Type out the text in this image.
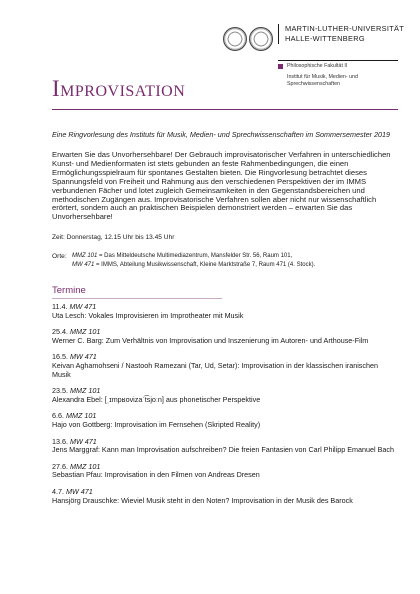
MARTIN-LUTHER-UNIVERSITÄT
HALLE-WITTENBERG
Philosophische Fakultät II
Institut für Musik, Medien- und
Sprechwissenschaften
Improvisation
Eine Ringvorlesung des Instituts für Musik, Medien- und Sprechwissenschaften im Sommersemester 2019
Erwarten Sie das Unvorhersehbare! Der Gebrauch improvisatorischer Verfahren in unterschiedlichen Kunst- und Medienformaten ist stets gebunden an feste Rahmenbedingungen, die einen Ermöglichungsspielraum für spontanes Gestalten bieten. Die Ringvorlesung betrachtet dieses Spannungsfeld von Freiheit und Rahmung aus den verschiedenen Perspektiven der im IMMS verbundenen Fächer und lotet zugleich Gemeinsamkeiten in den Gegenstandsbereichen und methodischen Zugängen aus. Improvisatorische Verfahren sollen aber nicht nur wissenschaftlich erörtert, sondern auch an praktischen Beispielen demonstriert werden – erwarten Sie das Unvorhersehbare!
Zeit: Donnerstag, 12.15 Uhr bis 13.45 Uhr
Orte: MMZ 101 = Das Mitteldeutsche Multimediazentrum, Mansfelder Str. 56, Raum 101,
MW 471 = IMMS, Abteilung Musikwissenschaft, Kleine Marktstraße 7, Raum 471 (4. Stock).
Termine
11.4. MW 471
Uta Lesch: Vokales Improvisieren im Improtheater mit Musik
25.4. MMZ 101
Werner C. Barg: Zum Verhältnis von Improvisation und Inszenierung im Autoren- und Arthouse-Film
16.5. MW 471
Keivan Aghamohseni / Nastooh Ramezani (Tar, Ud, Setar): Improvisation in der klassischen iranischen Musik
23.5. MMZ 101
Alexandra Ebel: [ˌɪmpʁovizaˈt͡si̯oːn] aus phonetischer Perspektive
6.6. MMZ 101
Hajo von Gottberg: Improvisation im Fernsehen (Skripted Reality)
13.6. MW 471
Jens Marggraf: Kann man Improvisation aufschreiben? Die freien Fantasien von Carl Philipp Emanuel Bach
27.6. MMZ 101
Sebastian Pfau: Improvisation in den Filmen von Andreas Dresen
4.7. MW 471
Hansjörg Drauschke: Wieviel Musik steht in den Noten? Improvisation in der Musik des Barock
